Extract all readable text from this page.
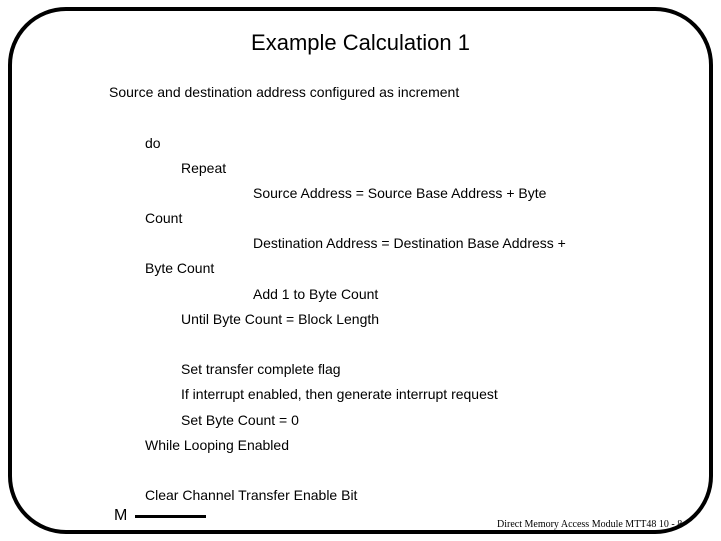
Example Calculation 1
Source and destination address configured as increment
do
Repeat
Source Address = Source Base Address + Byte
Count
Destination Address = Destination Base Address +
Byte Count
Add 1 to Byte Count
Until Byte Count = Block Length
Set transfer complete flag
If interrupt enabled, then generate interrupt request
Set Byte Count = 0
While Looping Enabled
Clear Channel Transfer Enable Bit
M
Direct Memory Access Module MTT48 10 - 8
